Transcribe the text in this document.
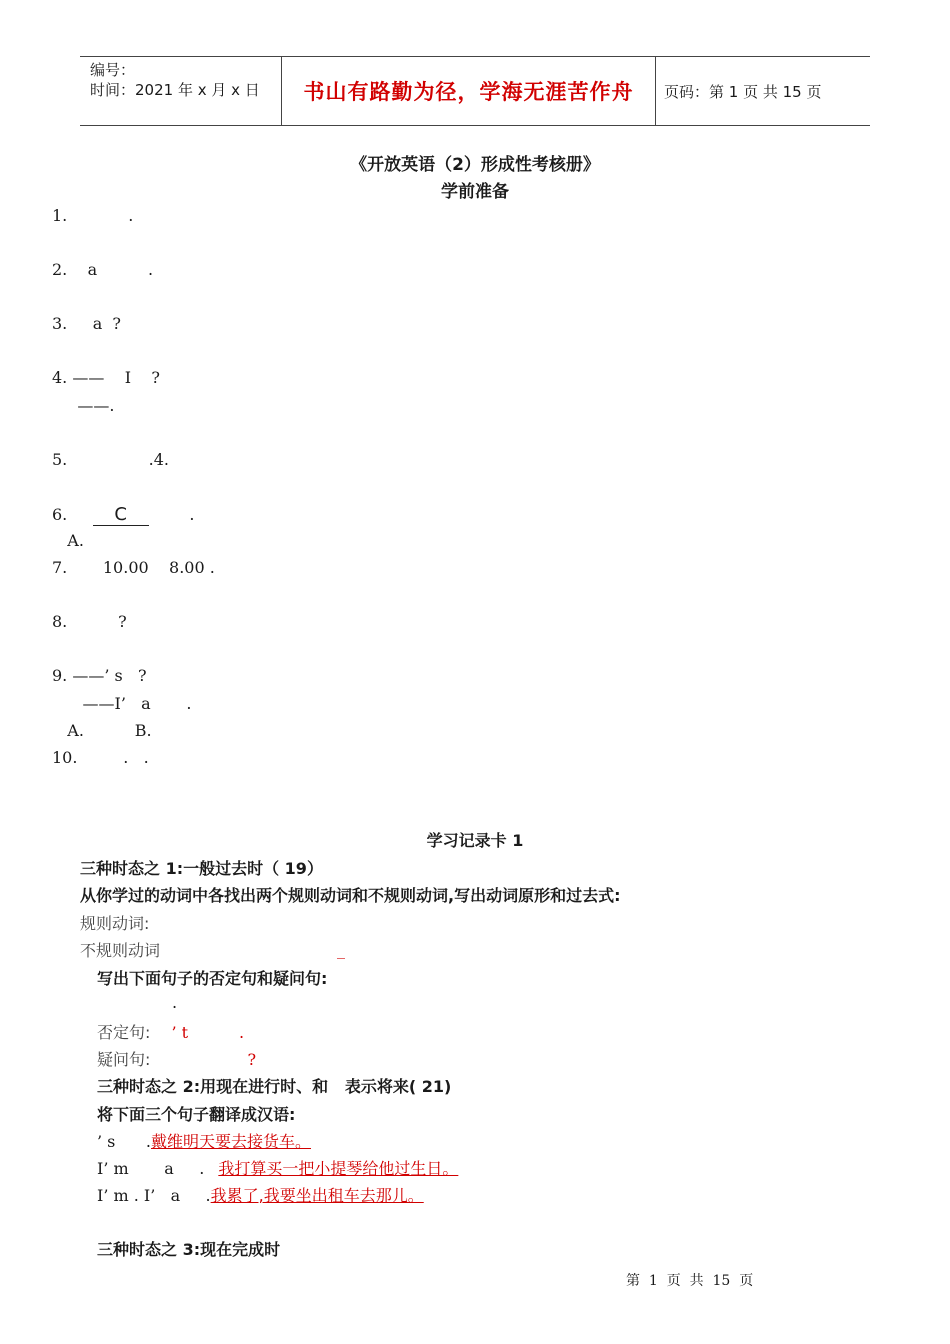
编号：
时间：2021 年 x 月 x 日	书山有路勤为径，学海无涯苦作舟	页码：第 1 页 共 15 页
《开放英语（2）形成性考核册》
学前准备
1.            .
2.    a          .
3.     a  ?
4. ——    I    ?
——.
5.                .4.
6.     C        .
A.
7.       10.00    8.00 .
8.          ?
9. ——’ s   ?
——I’   a       .
A.          B.
10.         .   .
学习记录卡 1
三种时态之 1:一般过去时（ 19）
从你学过的动词中各找出两个规则动词和不规则动词,写出动词原形和过去式:
规则动词:
不规则动词	_
写出下面句子的否定句和疑问句:
.
否定句: ’ t          .
疑问句:	?
三种时态之 2:用现在进行时、和   表示将来( 21)
将下面三个句子翻译成汉语:
’ s      .戴维明天要去接货车。
I’ m       a     . 我打算买一把小提琴给他过生日。
I’ m . I’   a     .我累了,我要坐出租车去那儿。
三种时态之 3:现在完成时
第  1  页  共  15  页
